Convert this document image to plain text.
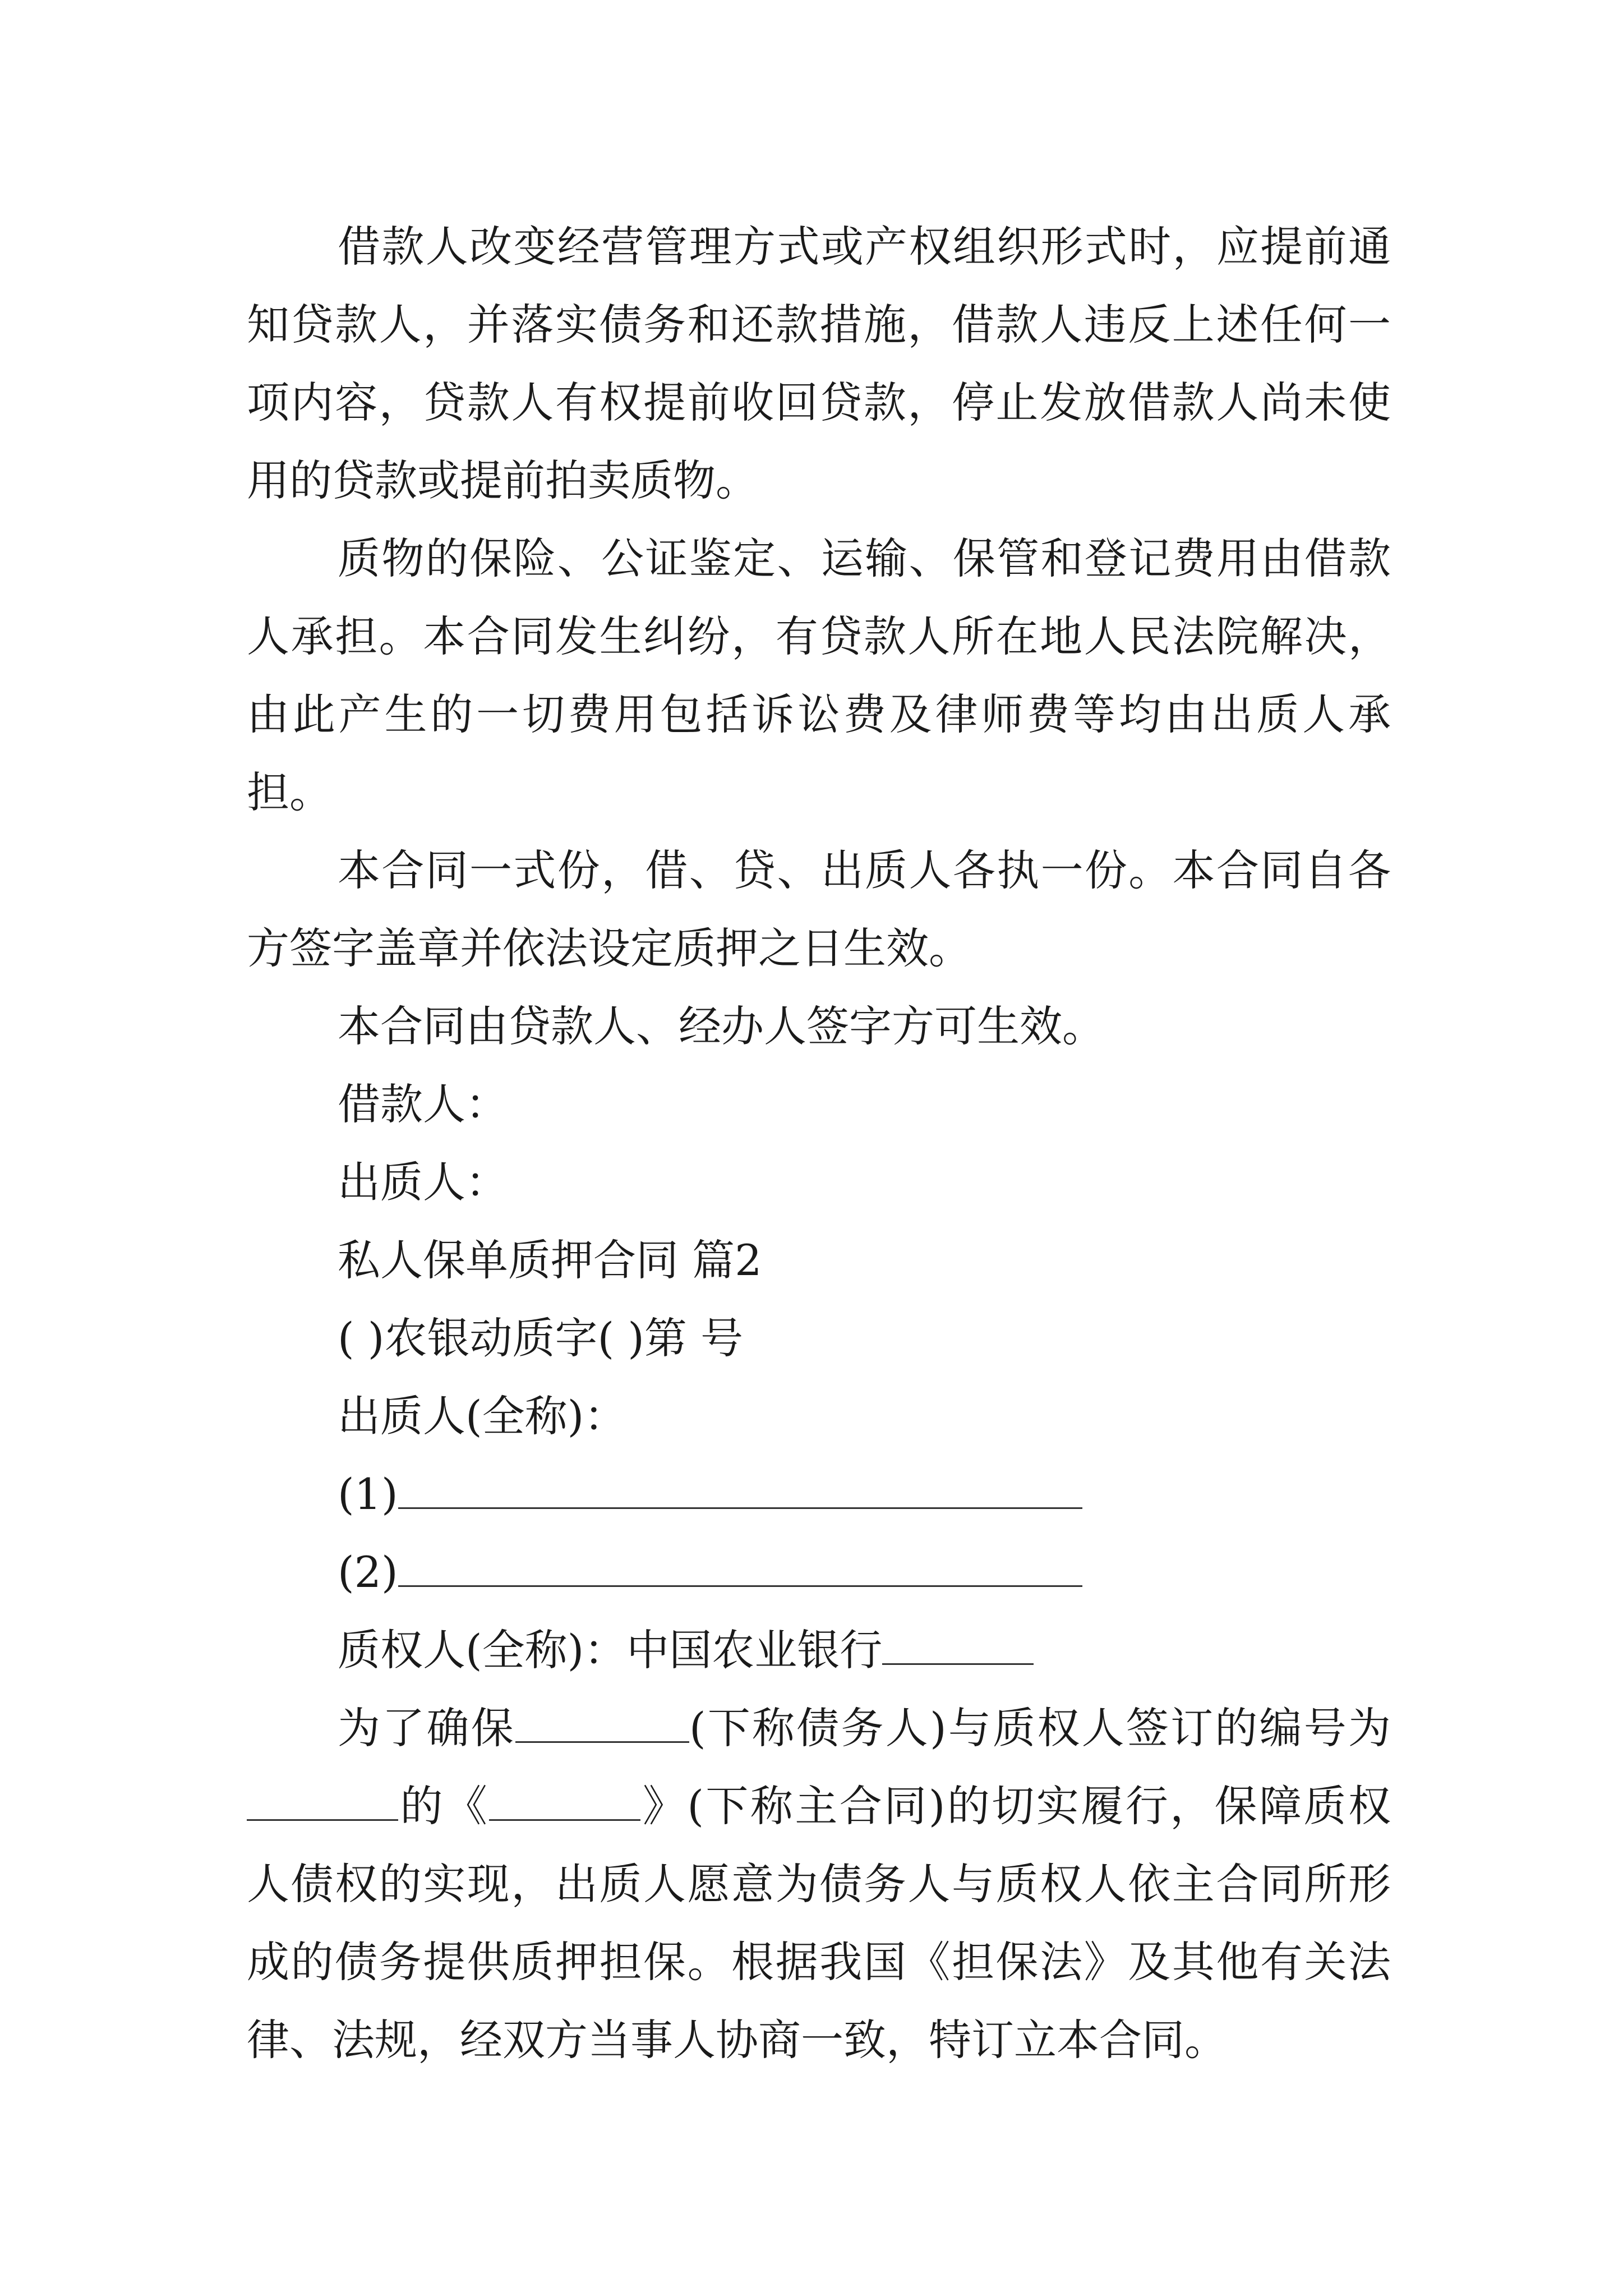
借款人改变经营管理方式或产权组织形式时，应提前通知贷款人，并落实债务和还款措施，借款人违反上述任何一项内容，贷款人有权提前收回贷款，停止发放借款人尚未使用的贷款或提前拍卖质物。

质物的保险、公证鉴定、运输、保管和登记费用由借款人承担。本合同发生纠纷，有贷款人所在地人民法院解决，由此产生的一切费用包括诉讼费及律师费等均由出质人承担。

本合同一式份，借、贷、出质人各执一份。本合同自各方签字盖章并依法设定质押之日生效。

本合同由贷款人、经办人签字方可生效。

借款人：

出质人：

私人保单质押合同 篇2

( )农银动质字( )第 号

出质人(全称)：

(1)

(2)

质权人(全称)：中国农业银行

为了确保	(下称债务人)与质权人签订的编号为的《	》(下称主合同)的切实履行，保障质权人债权的实现，出质人愿意为债务人与质权人依主合同所形成的债务提供质押担保。根据我国《担保法》及其他有关法律、法规，经双方当事人协商一致，特订立本合同。
